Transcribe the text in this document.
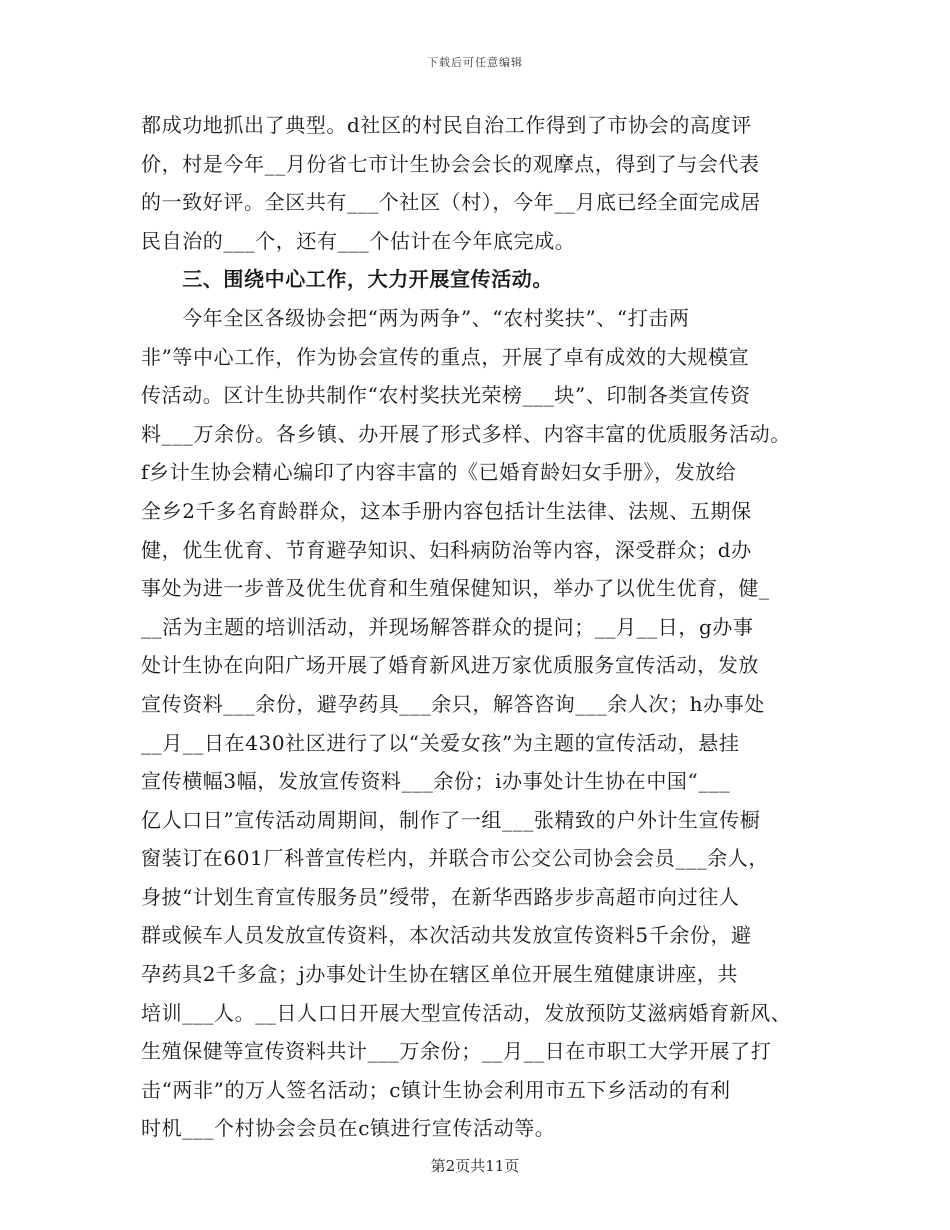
下载后可任意编辑
都成功地抓出了典型。d社区的村民自治工作得到了市协会的高度评
价，村是今年__月份省七市计生协会会长的观摩点，得到了与会代表
的一致好评。全区共有___个社区（村），今年__月底已经全面完成居
民自治的___个，还有___个估计在今年底完成。
　　三、围绕中心工作，大力开展宣传活动。
　　今年全区各级协会把“两为两争”、“农村奖扶”、“打击两
非”等中心工作，作为协会宣传的重点，开展了卓有成效的大规模宣
传活动。区计生协共制作“农村奖扶光荣榜___块”、印制各类宣传资
料___万余份。各乡镇、办开展了形式多样、内容丰富的优质服务活动。
f乡计生协会精心编印了内容丰富的《已婚育龄妇女手册》，发放给
全乡2千多名育龄群众，这本手册内容包括计生法律、法规、五期保
健，优生优育、节育避孕知识、妇科病防治等内容，深受群众；d办
事处为进一步普及优生优育和生殖保健知识，举办了以优生优育，健_
__活为主题的培训活动，并现场解答群众的提问；__月__日，g办事
处计生协在向阳广场开展了婚育新风进万家优质服务宣传活动，发放
宣传资料___余份，避孕药具___余只，解答咨询___余人次；h办事处
__月__日在430社区进行了以“关爱女孩”为主题的宣传活动，悬挂
宣传横幅3幅，发放宣传资料___余份；i办事处计生协在中国“___
亿人口日”宣传活动周期间，制作了一组___张精致的户外计生宣传橱
窗装订在601厂科普宣传栏内，并联合市公交公司协会会员___余人，
身披“计划生育宣传服务员”绶带，在新华西路步步高超市向过往人
群或候车人员发放宣传资料，本次活动共发放宣传资料5千余份，避
孕药具2千多盒；j办事处计生协在辖区单位开展生殖健康讲座，共
培训___人。__日人口日开展大型宣传活动，发放预防艾滋病婚育新风、
生殖保健等宣传资料共计___万余份；__月__日在市职工大学开展了打
击“两非”的万人签名活动；c镇计生协会利用市五下乡活动的有利
时机___个村协会会员在c镇进行宣传活动等。
第2页共11页
